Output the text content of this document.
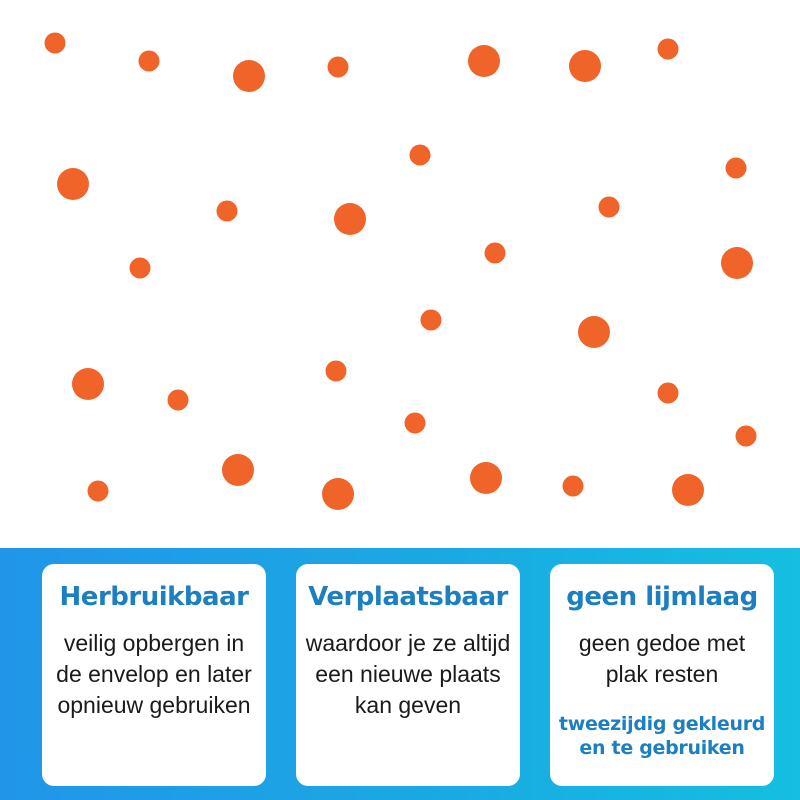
Herbruikbaar
veilig opbergen in de envelop en later opnieuw gebruiken
Verplaatsbaar
waardoor je ze altijd een nieuwe plaats kan geven
geen lijmlaag
geen gedoe met plak resten
tweezijdig gekleurd en te gebruiken
